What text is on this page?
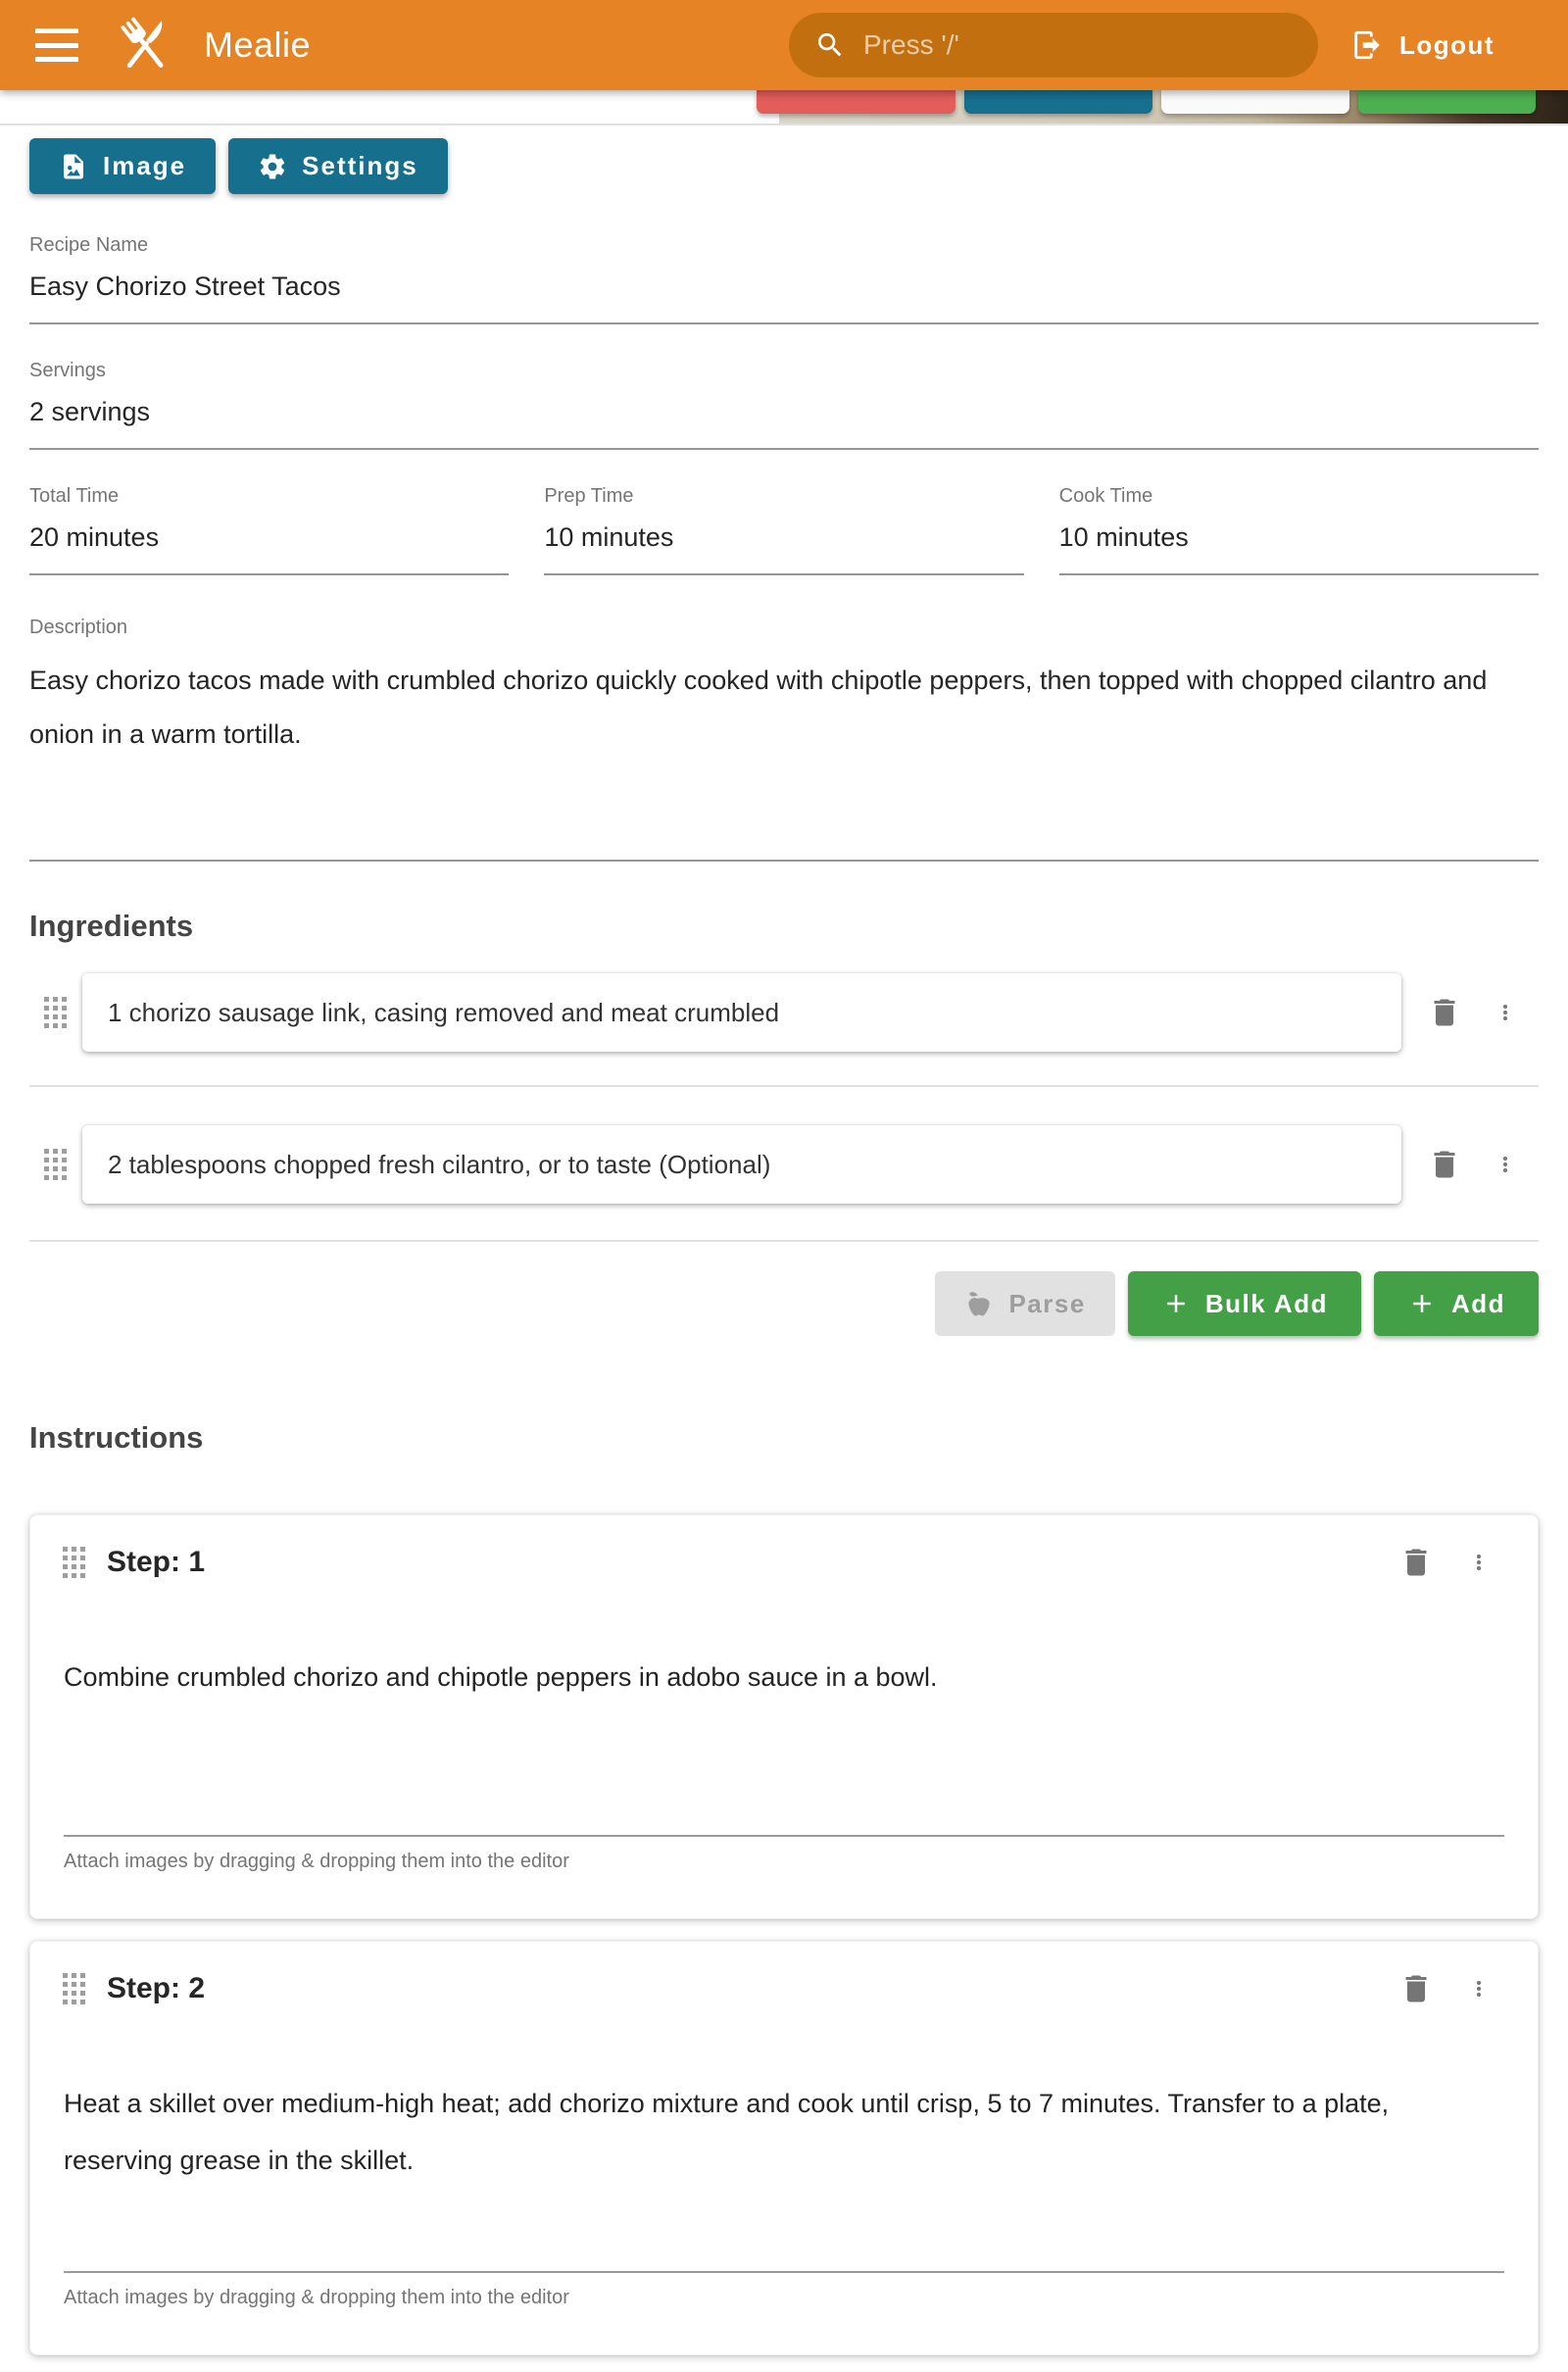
Mealie
Press '/'	Logout
Image	Settings
Recipe Name
Easy Chorizo Street Tacos
Servings
2 servings
Total Time
20 minutes
Prep Time
10 minutes
Cook Time
10 minutes
Description
Easy chorizo tacos made with crumbled chorizo quickly cooked with chipotle peppers, then topped with chopped cilantro and onion in a warm tortilla.
Ingredients
1 chorizo sausage link, casing removed and meat crumbled
2 tablespoons chopped fresh cilantro, or to taste (Optional)
Parse	Bulk Add	Add
Instructions
Step: 1
Combine crumbled chorizo and chipotle peppers in adobo sauce in a bowl.
Attach images by dragging & dropping them into the editor
Step: 2
Heat a skillet over medium-high heat; add chorizo mixture and cook until crisp, 5 to 7 minutes. Transfer to a plate, reserving grease in the skillet.
Attach images by dragging & dropping them into the editor
